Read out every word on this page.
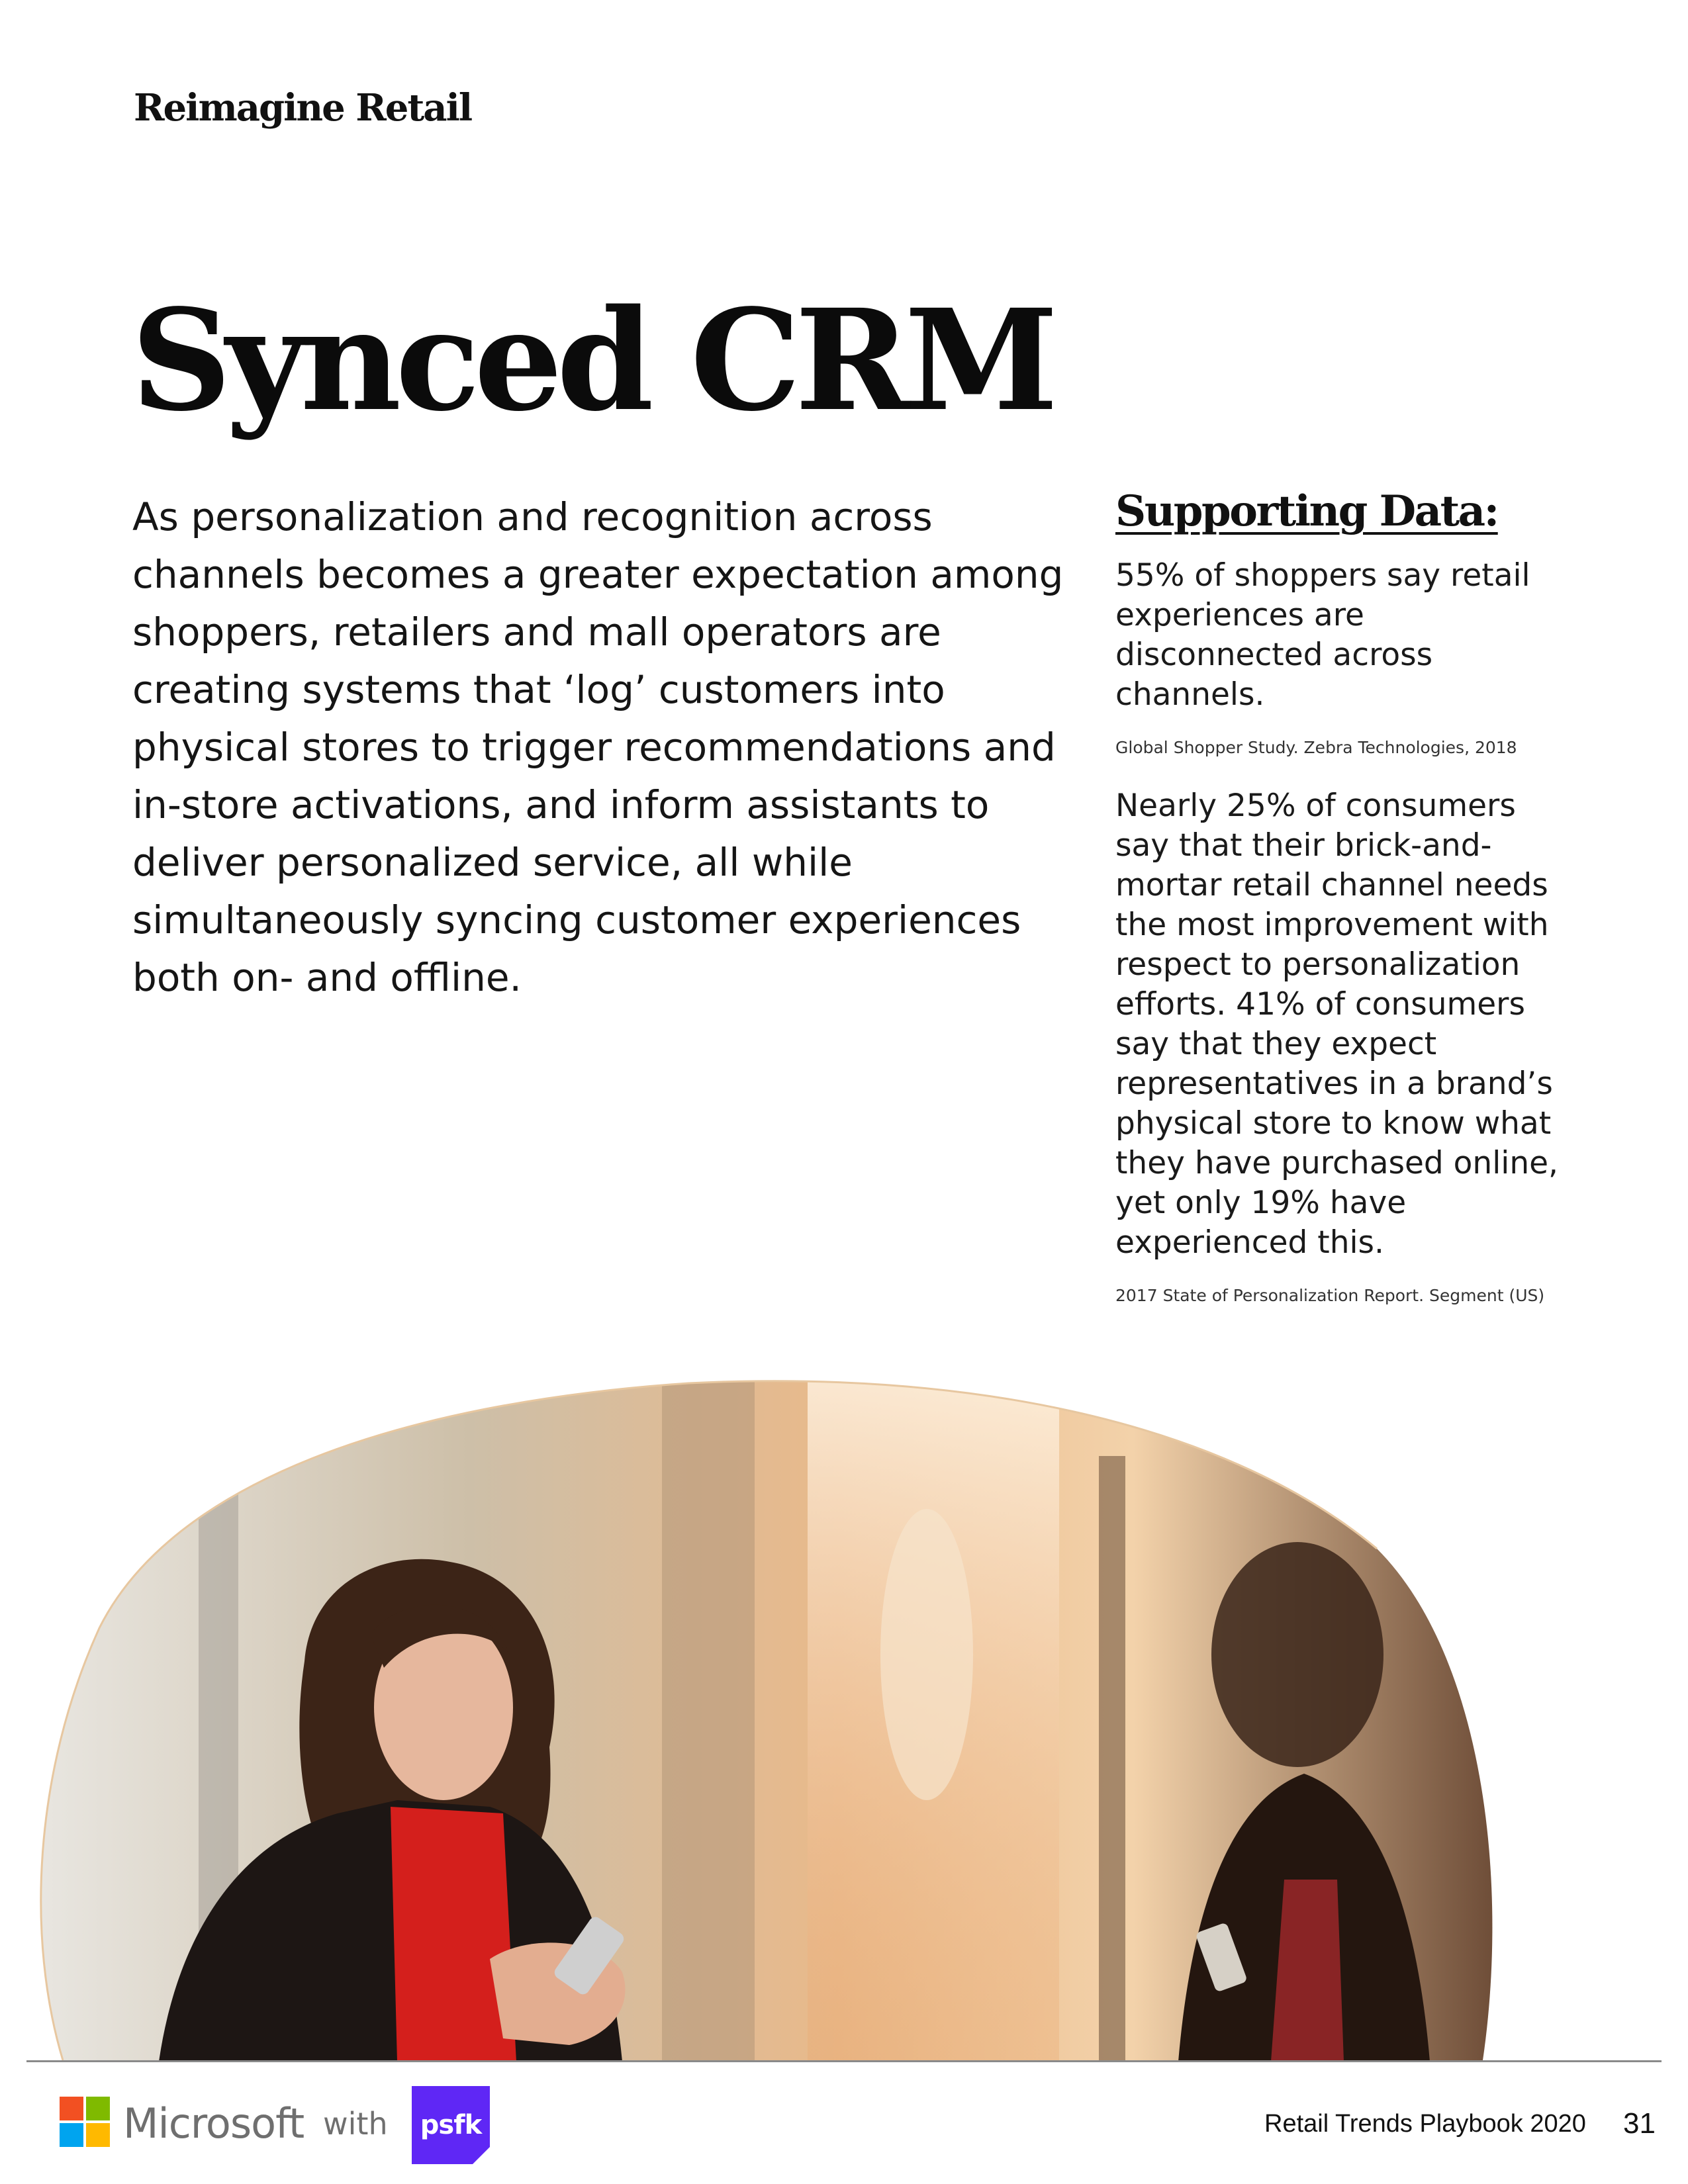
Reimagine Retail
Synced CRM

As personalization and recognition across channels becomes a greater expectation among shoppers, retailers and mall operators are creating systems that ‘log’ customers into physical stores to trigger recommendations and in-store activations, and inform assistants to deliver personalized service, all while simultaneously syncing customer experiences both on- and offline.

Supporting Data:

55% of shoppers say retail experiences are disconnected across channels.

Global Shopper Study. Zebra Technologies, 2018

Nearly 25% of consumers say that their brick-and-mortar retail channel needs the most improvement with respect to personalization efforts. 41% of consumers say that they expect representatives in a brand’s physical store to know what they have purchased online, yet only 19% have experienced this.

2017 State of Personalization Report. Segment (US)

Microsoft with psfk	Retail Trends Playbook 2020 31
